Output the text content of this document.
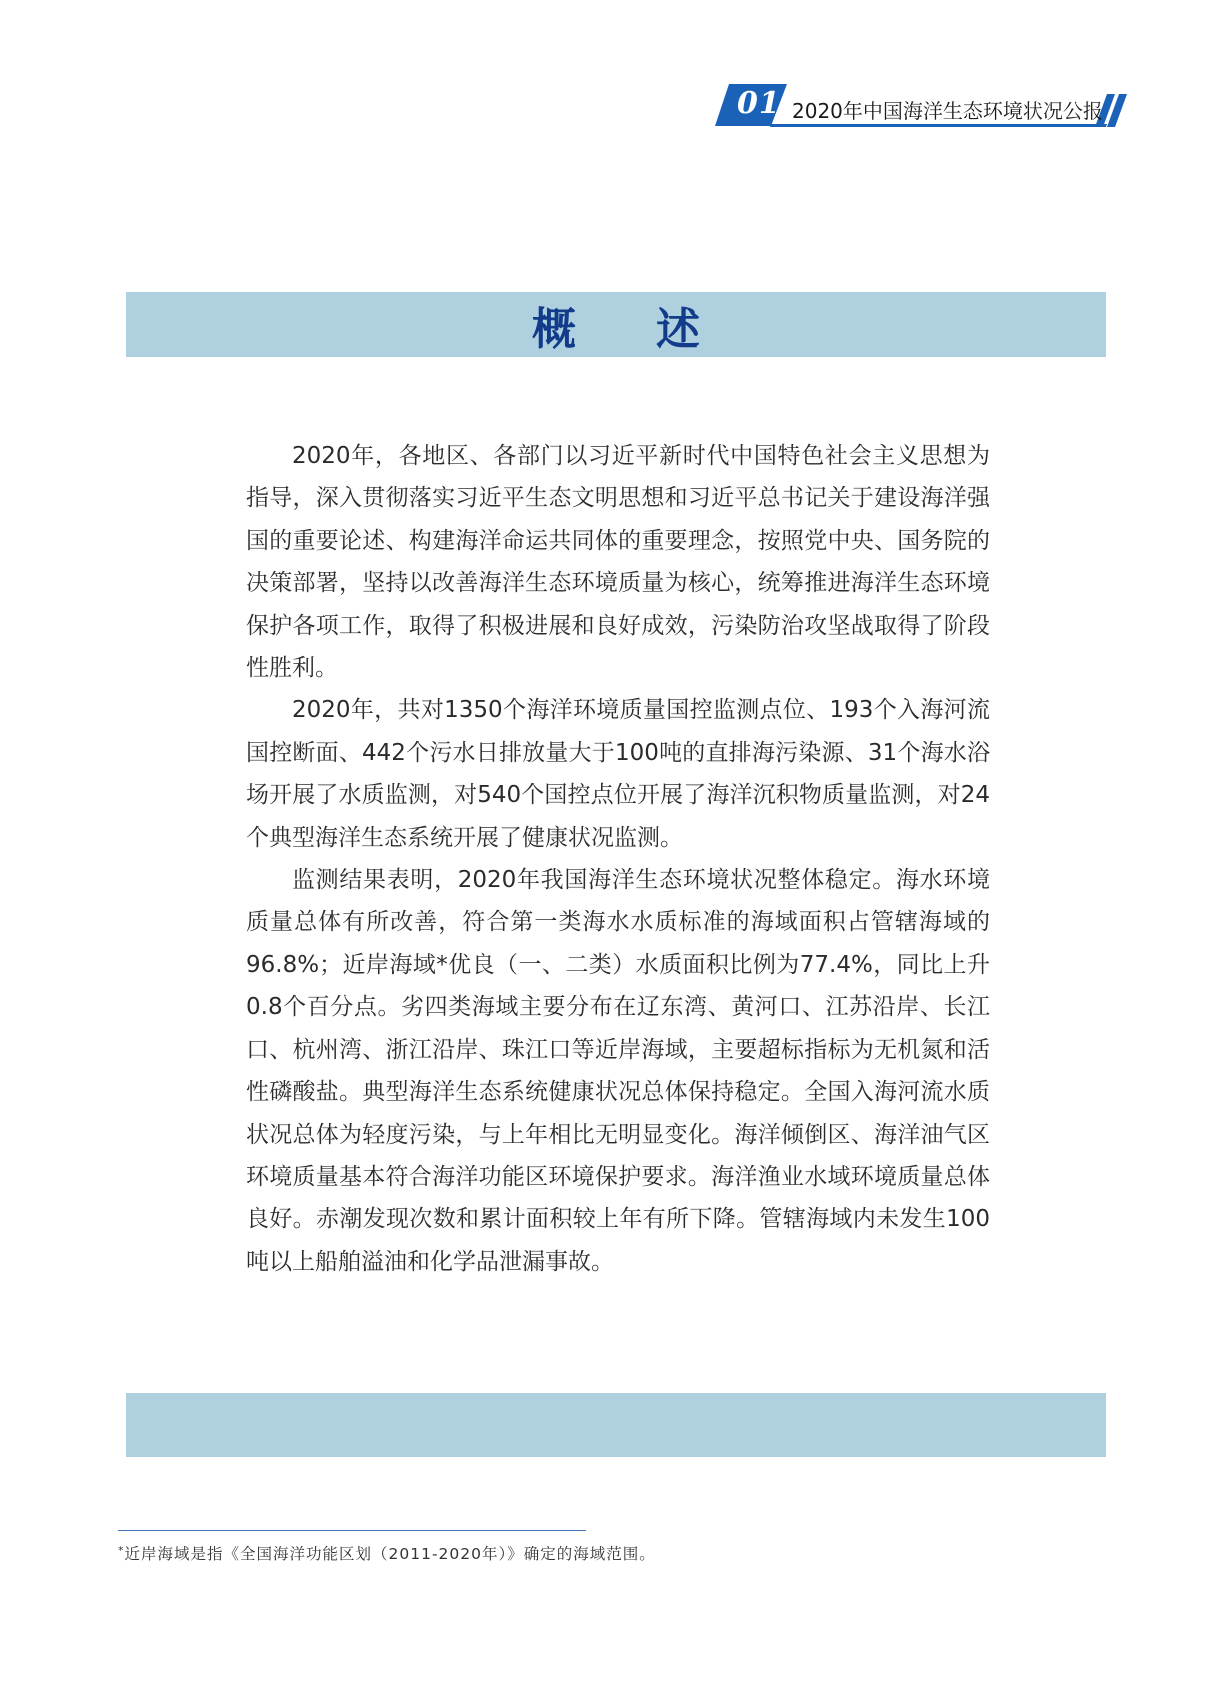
01 2020年中国海洋生态环境状况公报
概述

2020年，各地区、各部门以习近平新时代中国特色社会主义思想为指导，深入贯彻落实习近平生态文明思想和习近平总书记关于建设海洋强国的重要论述、构建海洋命运共同体的重要理念，按照党中央、国务院的决策部署，坚持以改善海洋生态环境质量为核心，统筹推进海洋生态环境保护各项工作，取得了积极进展和良好成效，污染防治攻坚战取得了阶段性胜利。

2020年，共对1350个海洋环境质量国控监测点位、193个入海河流国控断面、442个污水日排放量大于100吨的直排海污染源、31个海水浴场开展了水质监测，对540个国控点位开展了海洋沉积物质量监测，对24个典型海洋生态系统开展了健康状况监测。

监测结果表明，2020年我国海洋生态环境状况整体稳定。海水环境质量总体有所改善，符合第一类海水水质标准的海域面积占管辖海域的96.8%；近岸海域*优良（一、二类）水质面积比例为77.4%，同比上升0.8个百分点。劣四类海域主要分布在辽东湾、黄河口、江苏沿岸、长江口、杭州湾、浙江沿岸、珠江口等近岸海域，主要超标指标为无机氮和活性磷酸盐。典型海洋生态系统健康状况总体保持稳定。全国入海河流水质状况总体为轻度污染，与上年相比无明显变化。海洋倾倒区、海洋油气区环境质量基本符合海洋功能区环境保护要求。海洋渔业水域环境质量总体良好。赤潮发现次数和累计面积较上年有所下降。管辖海域内未发生100吨以上船舶溢油和化学品泄漏事故。

*近岸海域是指《全国海洋功能区划（2011-2020年）》确定的海域范围。
